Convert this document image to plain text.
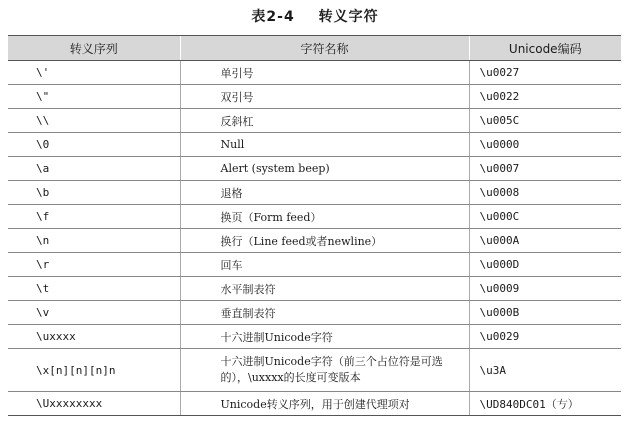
表2-4 转义字符
转义序列	字符名称	Unicode编码
\'	单引号	\u0027
\"	双引号	\u0022
\\	反斜杠	\u005C
\0	Null	\u0000
\a	Alert (system beep)	\u0007
\b	退格	\u0008
\f	换页（Form feed）	\u000C
\n	换行（Line feed或者newline）	\u000A
\r	回车	\u000D
\t	水平制表符	\u0009
\v	垂直制表符	\u000B
\uxxxx	十六进制Unicode字符	\u0029
\x[n][n][n]n	十六进制Unicode字符（前三个占位符是可选的），\uxxxx的长度可变版本	\u3A
\Uxxxxxxxx	Unicode转义序列，用于创建代理项对	\UD840DC01（𠀁）
